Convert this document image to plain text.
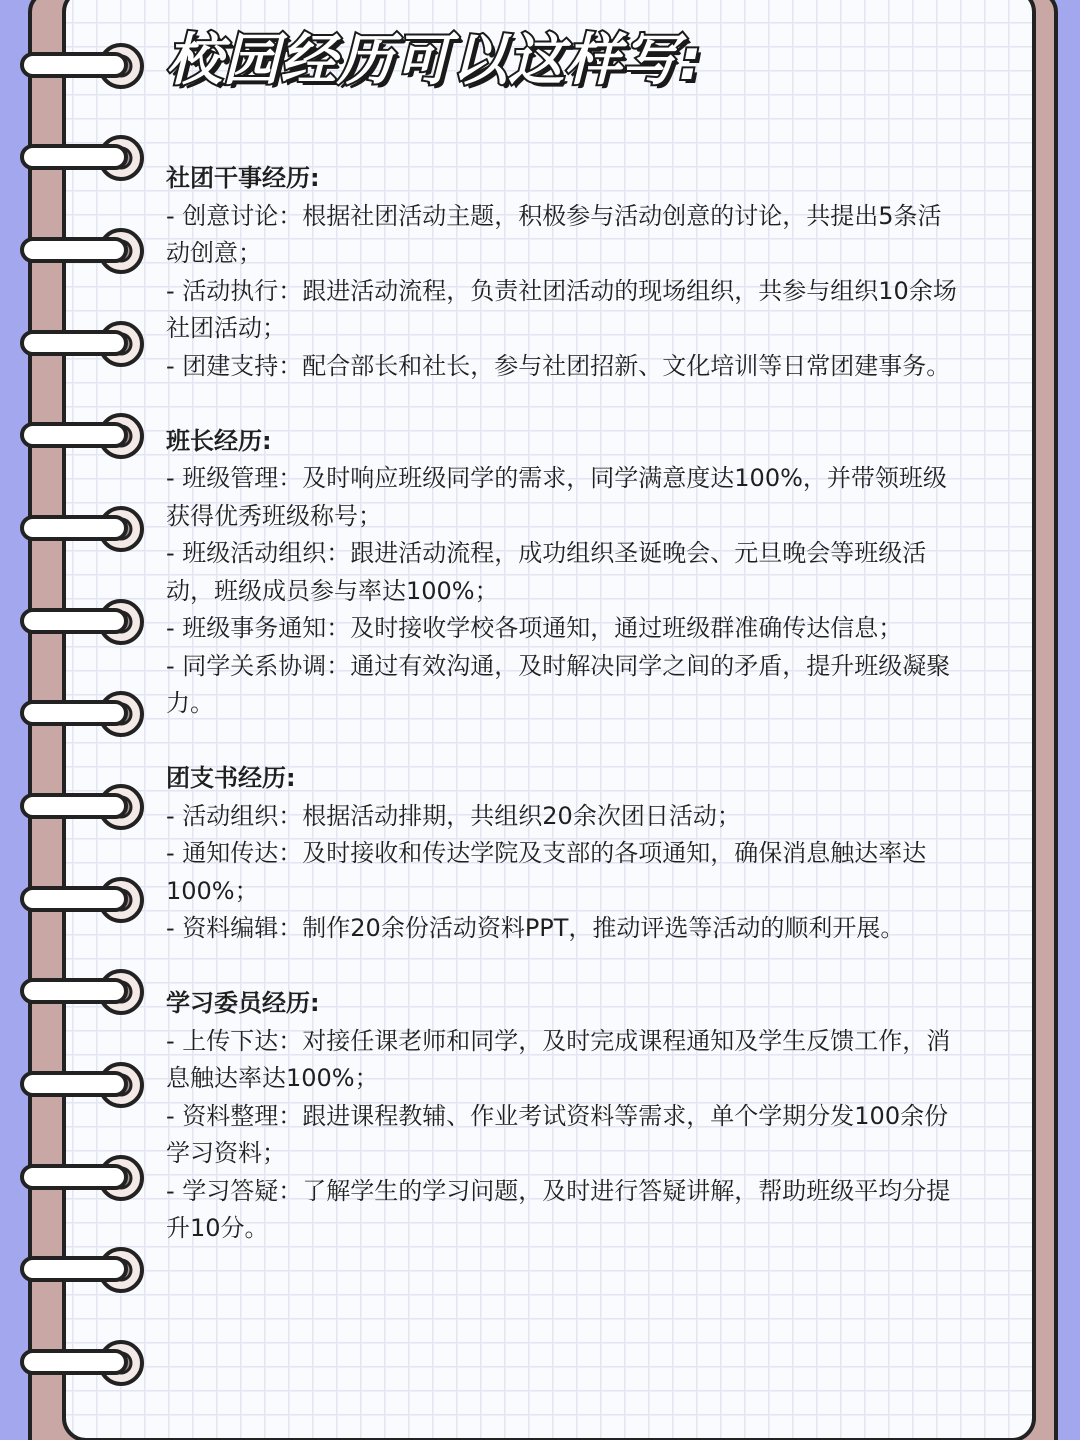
校园经历可以这样写:
社团干事经历:
- 创意讨论：根据社团活动主题，积极参与活动创意的讨论，共提出5条活动创意；
- 活动执行：跟进活动流程，负责社团活动的现场组织，共参与组织10余场社团活动；
- 团建支持：配合部长和社长，参与社团招新、文化培训等日常团建事务。
班长经历:
- 班级管理：及时响应班级同学的需求，同学满意度达100%，并带领班级获得优秀班级称号；
- 班级活动组织：跟进活动流程，成功组织圣诞晚会、元旦晚会等班级活动，班级成员参与率达100%；
- 班级事务通知：及时接收学校各项通知，通过班级群准确传达信息；
- 同学关系协调：通过有效沟通，及时解决同学之间的矛盾，提升班级凝聚力。
团支书经历:
- 活动组织：根据活动排期，共组织20余次团日活动；
- 通知传达：及时接收和传达学院及支部的各项通知，确保消息触达率达100%；
- 资料编辑：制作20余份活动资料PPT，推动评选等活动的顺利开展。
学习委员经历:
- 上传下达：对接任课老师和同学，及时完成课程通知及学生反馈工作，消息触达率达100%；
- 资料整理：跟进课程教辅、作业考试资料等需求，单个学期分发100余份学习资料；
- 学习答疑：了解学生的学习问题，及时进行答疑讲解，帮助班级平均分提升10分。
